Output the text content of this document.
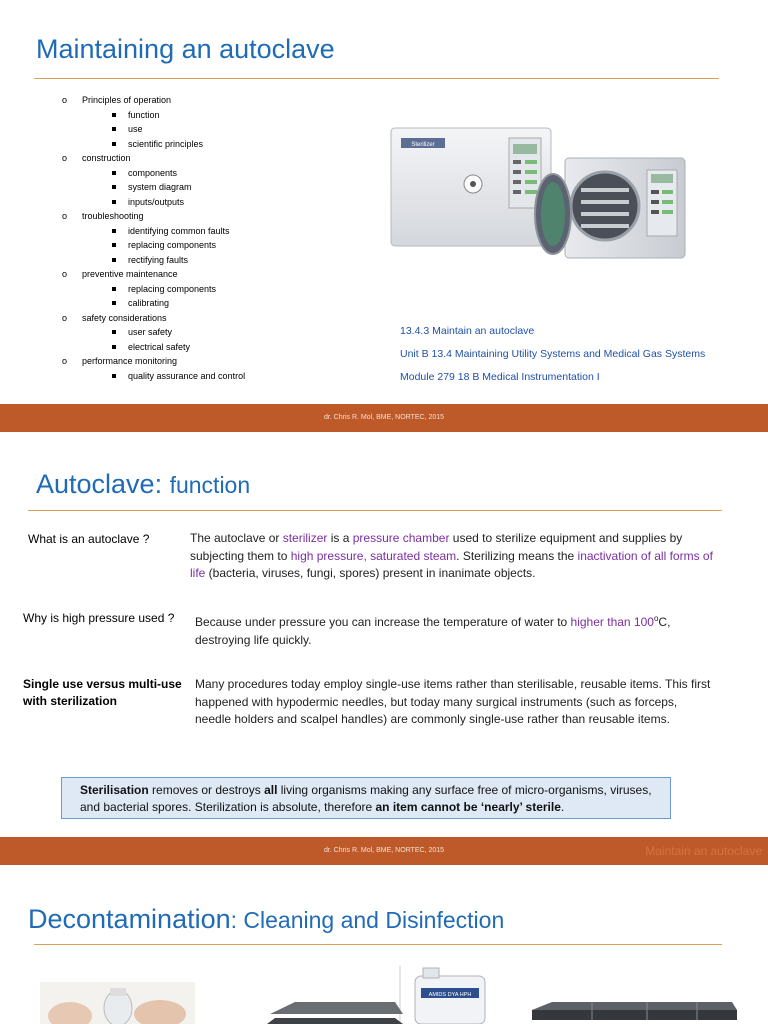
Maintaining an autoclave
o Principles of operation
function
use
scientific principles
o construction
components
system diagram
inputs/outputs
o troubleshooting
identifying common faults
replacing components
rectifying faults
o preventive maintenance
replacing components
calibrating
o safety considerations
user safety
electrical safety
o performance monitoring
quality assurance and control
Sterilizer
13.4.3 Maintain an autoclave
Unit B 13.4 Maintaining Utility Systems and Medical Gas Systems
Module 279 18 B Medical Instrumentation I
dr. Chris R. Mol, BME, NORTEC, 2015
Autoclave: function
What is an autoclave ?	The autoclave or sterilizer is a pressure chamber used to sterilize equipment and supplies by subjecting them to high pressure, saturated steam. Sterilizing means the inactivation of all forms of life (bacteria, viruses, fungi, spores) present in inanimate objects.
Why is high pressure used ? Because under pressure you can increase the temperature of water to higher than 100$^o$C, destroying life quickly.
Single use versus multi-use with sterilization
Many procedures today employ single-use items rather than sterilisable, reusable items. This first happened with hypodermic needles, but today many surgical instruments (such as forceps, needle holders and scalpel handles) are commonly single-use rather than reusable items.
Sterilisation removes or destroys all living organisms making any surface free of micro-organisms, viruses, and bacterial spores. Sterilization is absolute, therefore an item cannot be ‘nearly’ sterile.
dr. Chris R. Mol, BME, NORTEC, 2015	Maintain an autoclave
Decontamination: Cleaning and Disinfection
AMIDS DYA HPH
